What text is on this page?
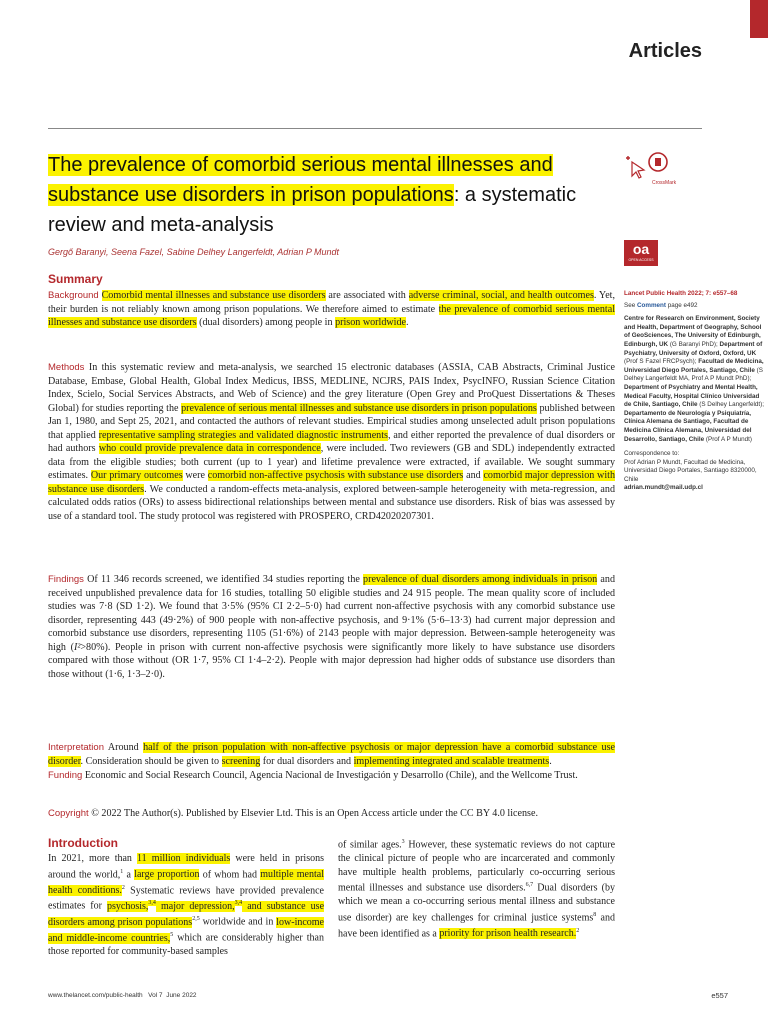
Articles
The prevalence of comorbid serious mental illnesses and substance use disorders in prison populations: a systematic review and meta-analysis
CrossMark
oa
OPEN ACCESS
Gergő Baranyi, Seena Fazel, Sabine Delhey Langerfeldt, Adrian P Mundt
Summary
Background Comorbid mental illnesses and substance use disorders are associated with adverse criminal, social, and health outcomes. Yet, their burden is not reliably known among prison populations. We therefore aimed to estimate the prevalence of comorbid serious mental illnesses and substance use disorders (dual disorders) among people in prison worldwide.
Methods In this systematic review and meta-analysis, we searched 15 electronic databases (ASSIA, CAB Abstracts, Criminal Justice Database, Embase, Global Health, Global Index Medicus, IBSS, MEDLINE, NCJRS, PAIS Index, PsycINFO, Russian Science Citation Index, Scielo, Social Services Abstracts, and Web of Science) and the grey literature (Open Grey and ProQuest Dissertations & Theses Global) for studies reporting the prevalence of serious mental illnesses and substance use disorders in prison populations published between Jan 1, 1980, and Sept 25, 2021, and contacted the authors of relevant studies. Empirical studies among unselected adult prison populations that applied representative sampling strategies and validated diagnostic instruments, and either reported the prevalence of dual disorders or had authors who could provide prevalence data in correspondence, were included. Two reviewers (GB and SDL) independently extracted data from the eligible studies; both current (up to 1 year) and lifetime prevalence were extracted, if available. We sought summary estimates. Our primary outcomes were comorbid non-affective psychosis with substance use disorders and comorbid major depression with substance use disorders. We conducted a random-effects meta-analysis, explored between-sample heterogeneity with meta-regression, and calculated odds ratios (ORs) to assess bidirectional relationships between mental and substance use disorders. Risk of bias was assessed by use of a standard tool. The study protocol was registered with PROSPERO, CRD42020207301.
Findings Of 11 346 records screened, we identified 34 studies reporting the prevalence of dual disorders among individuals in prison and received unpublished prevalence data for 16 studies, totalling 50 eligible studies and 24 915 people. The mean quality score of included studies was 7·8 (SD 1·2). We found that 3·5% (95% CI 2·2–5·0) had current non-affective psychosis with any comorbid substance use disorder, representing 443 (49·2%) of 900 people with non-affective psychosis, and 9·1% (5·6–13·3) had current major depression and comorbid substance use disorders, representing 1105 (51·6%) of 2143 people with major depression. Between-sample heterogeneity was high (I²>80%). People in prison with current non-affective psychosis were significantly more likely to have substance use disorders compared with those without (OR 1·7, 95% CI 1·4–2·2). People with major depression had higher odds of substance use disorders than those without (1·6, 1·3–2·0).
Interpretation Around half of the prison population with non-affective psychosis or major depression have a comorbid substance use disorder. Consideration should be given to screening for dual disorders and implementing integrated and scalable treatments.
Funding Economic and Social Research Council, Agencia Nacional de Investigación y Desarrollo (Chile), and the Wellcome Trust.
Copyright © 2022 The Author(s). Published by Elsevier Ltd. This is an Open Access article under the CC BY 4.0 license.
Lancet Public Health 2022; 7: e557–68
See Comment page e492
Centre for Research on Environment, Society and Health, Department of Geography, School of GeoSciences, The University of Edinburgh, Edinburgh, UK (G Baranyi PhD); Department of Psychiatry, University of Oxford, Oxford, UK (Prof S Fazel FRCPsych); Facultad de Medicina, Universidad Diego Portales, Santiago, Chile (S Delhey Langerfeldt MA, Prof A P Mundt PhD); Department of Psychiatry and Mental Health, Medical Faculty, Hospital Clínico Universidad de Chile, Santiago, Chile (S Delhey Langerfeldt); Departamento de Neurología y Psiquiatría, Clínica Alemana de Santiago, Facultad de Medicina Clínica Alemana, Universidad del Desarrollo, Santiago, Chile (Prof A P Mundt)
Correspondence to:
Prof Adrian P Mundt, Facultad de Medicina, Universidad Diego Portales, Santiago 8320000, Chile
adrian.mundt@mail.udp.cl
Introduction
In 2021, more than 11 million individuals were held in prisons around the world,$^1$ a large proportion of whom had multiple mental health conditions.$^2$ Systematic reviews have provided prevalence estimates for psychosis,$^{3,4}$ major depression,$^{3,4}$ and substance use disorders among prison populations$^{2,5}$ worldwide and in low-income and middle-income countries,$^5$ which are considerably higher than those reported for community-based samples
of similar ages.$^3$ However, these systematic reviews do not capture the clinical picture of people who are incarcerated and commonly have multiple health problems, particularly co-occurring serious mental illnesses and substance use disorders.$^{6,7}$ Dual disorders (by which we mean a co-occurring serious mental illness and substance use disorder) are key challenges for criminal justice systems$^8$ and have been identified as a priority for prison health research.$^2$
www.thelancet.com/public-health Vol 7 June 2022	e557
